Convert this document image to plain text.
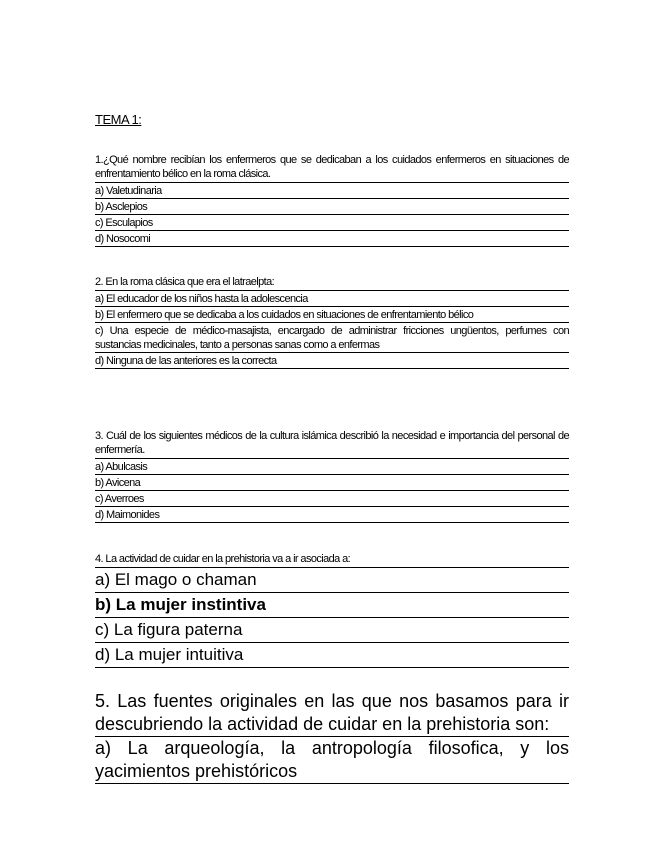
TEMA 1:
1.¿Qué nombre recibían los enfermeros que se dedicaban a los cuidados enfermeros en situaciones de enfrentamiento bélico en la roma clásica.
a) Valetudinaria
b) Asclepios
c) Esculapios
d) Nosocomi
2. En la roma clásica que era el latraelpta:
a) El educador de los niños hasta la adolescencia
b) El enfermero que se dedicaba a los cuidados en situaciones de enfrentamiento bélico
c) Una especie de médico-masajista, encargado de administrar fricciones ungüentos, perfumes con sustancias medicinales, tanto a personas sanas como a enfermas
d) Ninguna de las anteriores es la correcta
3. Cuál de los siguientes médicos de la cultura islámica describió la necesidad e importancia del personal de enfermería.
a) Abulcasis
b) Avicena
c) Averroes
d) Maimonides
4. La actividad de cuidar en la prehistoria va a ir asociada a:
a) El mago o chaman
b) La mujer instintiva
c) La figura paterna
d) La mujer intuitiva
5. Las fuentes originales en las que nos basamos para ir descubriendo la actividad de cuidar en la prehistoria son:
a) La arqueología, la antropología filosofica, y los yacimientos prehistóricos
